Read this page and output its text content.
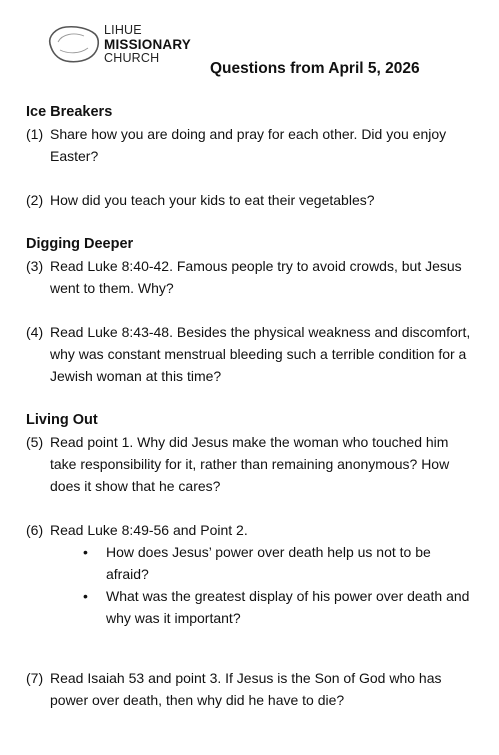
LIHUE
MISSIONARY
CHURCH
Questions from April 5, 2026
Ice Breakers
(1) Share how you are doing and pray for each other. Did you enjoy Easter?
(2) How did you teach your kids to eat their vegetables?
Digging Deeper
(3) Read Luke 8:40-42. Famous people try to avoid crowds, but Jesus went to them. Why?
(4) Read Luke 8:43-48. Besides the physical weakness and discomfort, why was constant menstrual bleeding such a terrible condition for a Jewish woman at this time?
Living Out
(5) Read point 1. Why did Jesus make the woman who touched him take responsibility for it, rather than remaining anonymous? How does it show that he cares?
(6) Read Luke 8:49-56 and Point 2.
• How does Jesus’ power over death help us not to be afraid?
• What was the greatest display of his power over death and why was it important?
(7) Read Isaiah 53 and point 3. If Jesus is the Son of God who has power over death, then why did he have to die?
